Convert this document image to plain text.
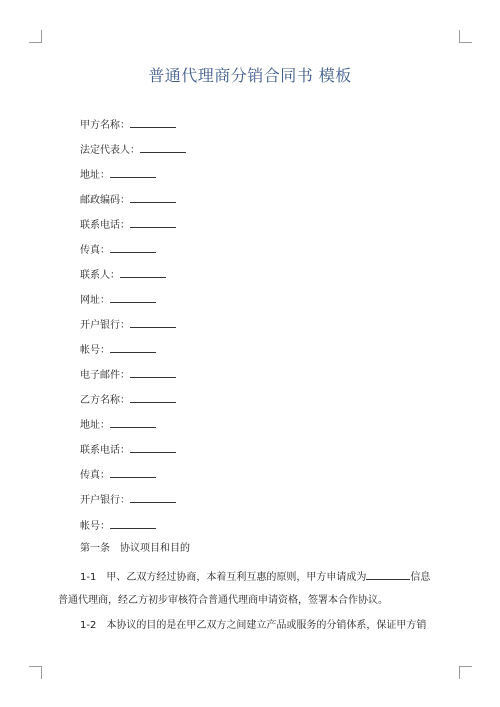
普通代理商分销合同书 模板
甲方名称：
法定代表人：
地址：
邮政编码：
联系电话：
传真：
联系人：
网址：
开户银行：
帐号：
电子邮件：
乙方名称：
地址：
联系电话：
传真：
开户银行：
帐号：
第一条　协议项目和目的
1-1 甲、乙双方经过协商，本着互利互惠的原则，甲方申请成为	信息
普通代理商，经乙方初步审核符合普通代理商申请资格，签署本合作协议。
1-2 本协议的目的是在甲乙双方之间建立产品或服务的分销体系，保证甲方销
